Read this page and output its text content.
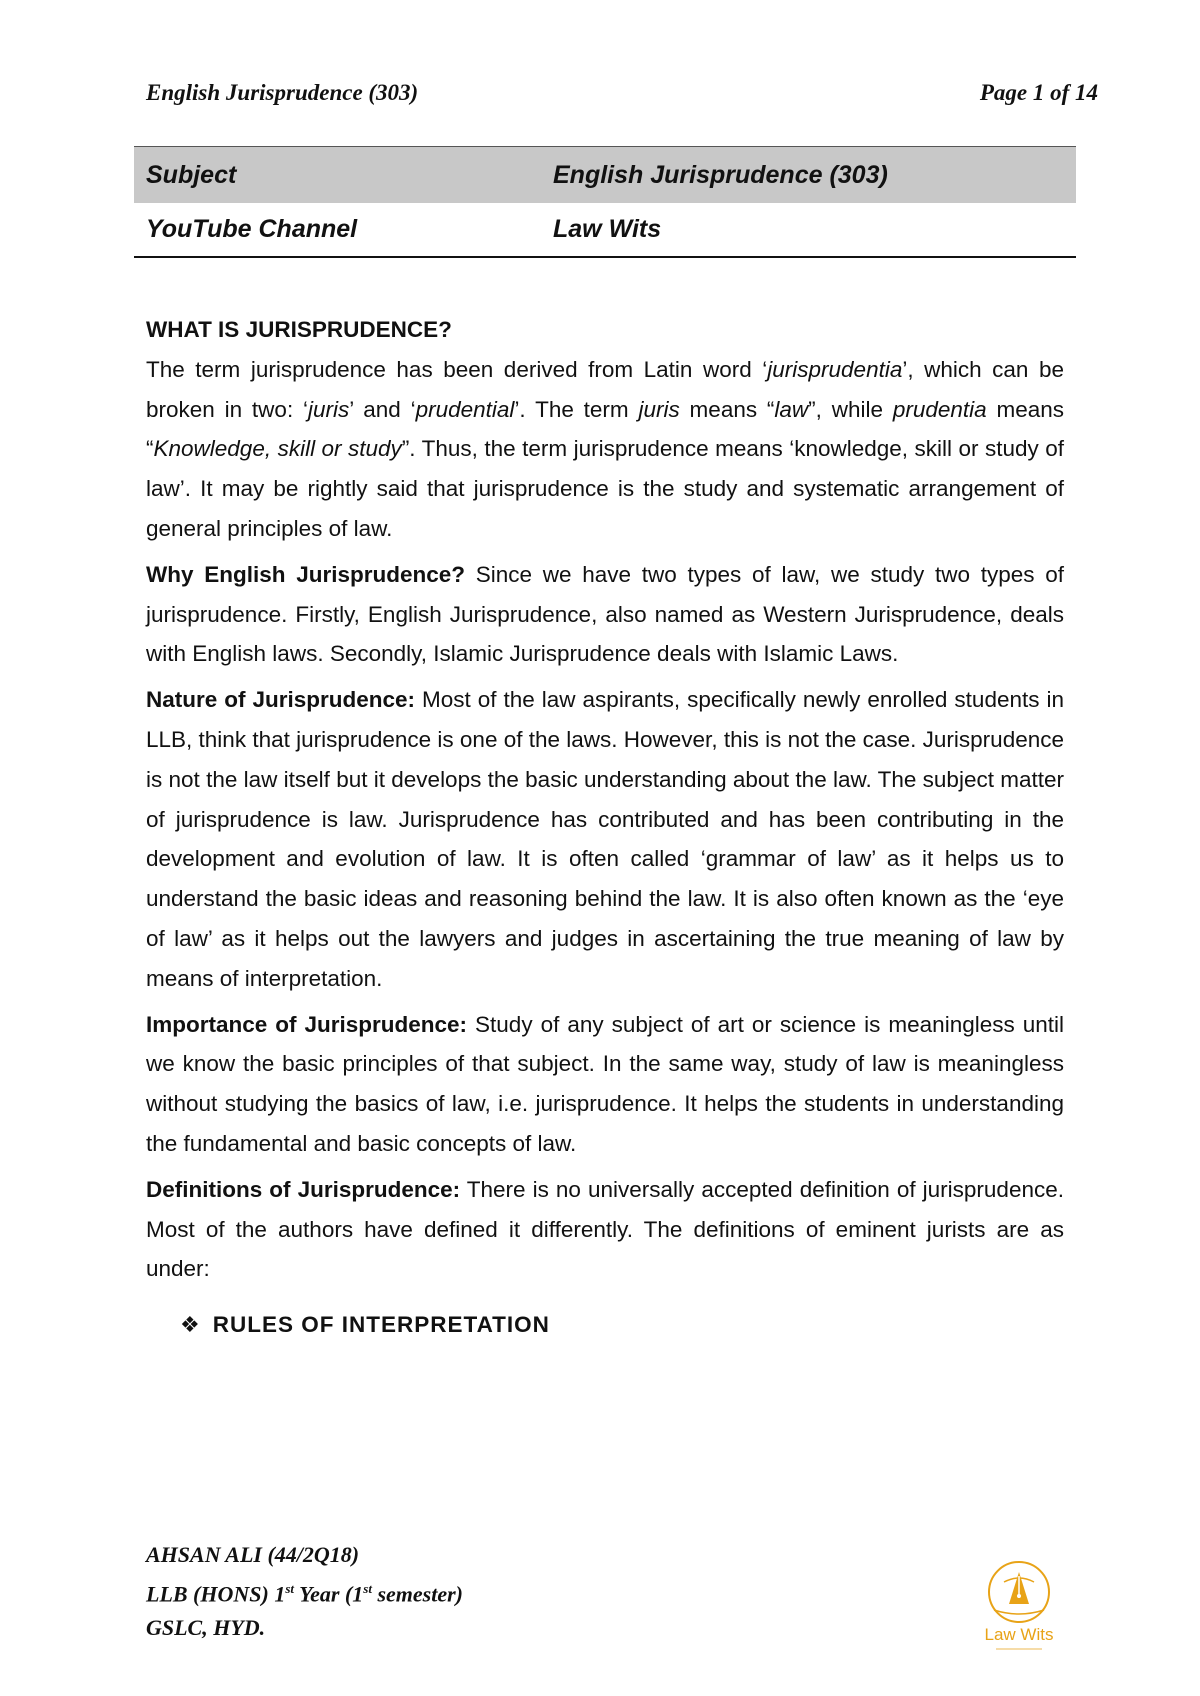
English Jurisprudence (303)	Page 1 of 14
Subject	English Jurisprudence (303)
YouTube Channel	Law Wits

WHAT IS JURISPRUDENCE?

The term jurisprudence has been derived from Latin word ‘jurisprudentia’, which can be broken in two: ‘juris’ and ‘prudential’. The term juris means “law”, while prudentia means “Knowledge, skill or study”. Thus, the term jurisprudence means ‘knowledge, skill or study of law’. It may be rightly said that jurisprudence is the study and systematic arrangement of general principles of law.

Why English Jurisprudence? Since we have two types of law, we study two types of jurisprudence. Firstly, English Jurisprudence, also named as Western Jurisprudence, deals with English laws. Secondly, Islamic Jurisprudence deals with Islamic Laws.

Nature of Jurisprudence: Most of the law aspirants, specifically newly enrolled students in LLB, think that jurisprudence is one of the laws. However, this is not the case. Jurisprudence is not the law itself but it develops the basic understanding about the law. The subject matter of jurisprudence is law. Jurisprudence has contributed and has been contributing in the development and evolution of law. It is often called ‘grammar of law’ as it helps us to understand the basic ideas and reasoning behind the law. It is also often known as the ‘eye of law’ as it helps out the lawyers and judges in ascertaining the true meaning of law by means of interpretation.

Importance of Jurisprudence: Study of any subject of art or science is meaningless until we know the basic principles of that subject. In the same way, study of law is meaningless without studying the basics of law, i.e. jurisprudence. It helps the students in understanding the fundamental and basic concepts of law.

Definitions of Jurisprudence: There is no universally accepted definition of jurisprudence. Most of the authors have defined it differently. The definitions of eminent jurists are as under:

❖ RULES OF INTERPRETATION
AHSAN ALI (44/2Q18)
LLB (HONS) 1st Year (1st semester)
GSLC, HYD.	Law Wits
